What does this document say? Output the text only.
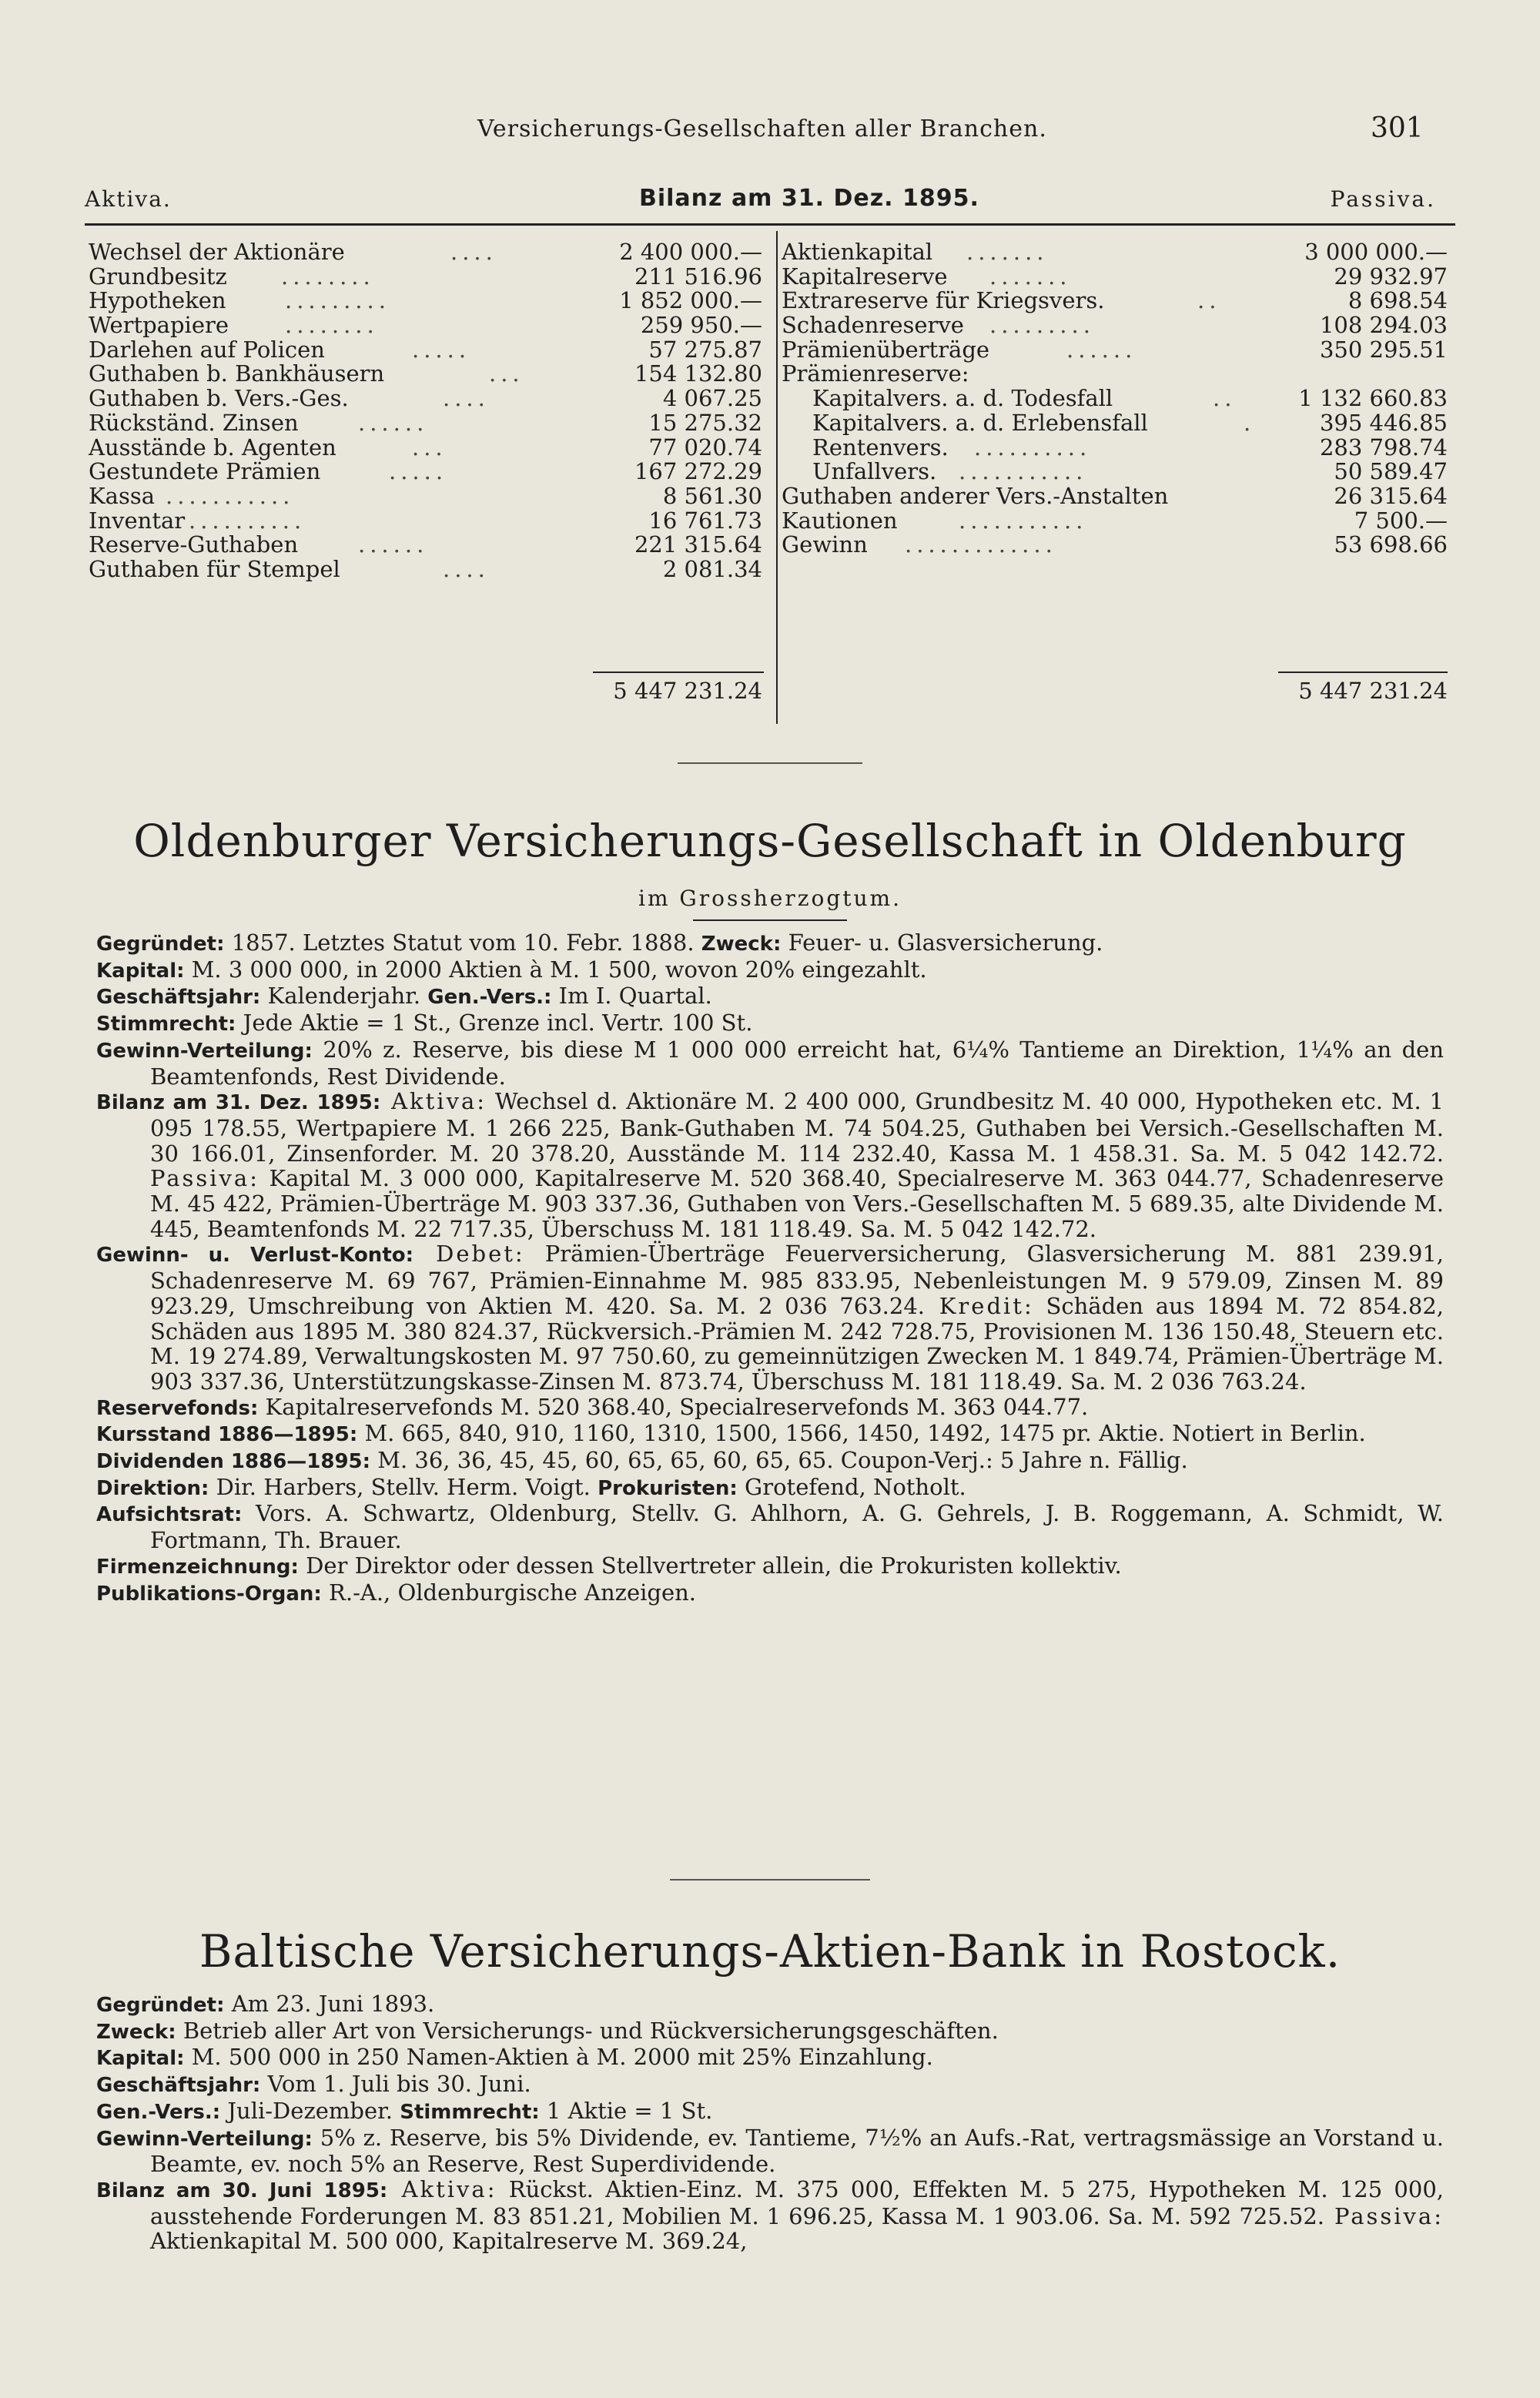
Versicherungs-Gesellschaften aller Branchen.	301
Aktiva.	Bilanz am 31. Dez. 1895.	Passiva.
Wechsel der Aktionäre	....	2 400 000.—
Grundbesitz ........	211 516.96
Hypotheken	.........	1 852 000.—
Wertpapiere	........	259 950.—
Darlehen auf Policen	.....	57 275.87
Guthaben b. Bankhäusern	...	154 132.80
Guthaben b. Vers.-Ges.	....	4 067.25
Rückständ. Zinsen	......	15 275.32
Ausstände b. Agenten	...	77 020.74
Gestundete Prämien	.....	167 272.29
Kassa ...........	8 561.30
Inventar ..........	16 761.73
Reserve-Guthaben	......	221 315.64
Guthaben für Stempel	....	2 081.34
5 447 231.24
Aktienkapital .......	3 000 000.—
Kapitalreserve .......	29 932.97
Extrareserve für Kriegsvers.	..	8 698.54
Schadenreserve .........	108 294.03
Prämienüberträge	......	350 295.51
Prämienreserve:
Kapitalvers. a. d. Todesfall	..	1 132 660.83
Kapitalvers. a. d. Erlebensfall	.	395 446.85
Rentenvers. ..........	283 798.74
Unfallvers. ...........	50 589.47
Guthaben anderer Vers.-Anstalten	26 315.64
Kautionen	...........	7 500.—
Gewinn .............	53 698.66
5 447 231.24
Oldenburger Versicherungs-Gesellschaft in Oldenburg
im Grossherzogtum.

Gegründet: 1857. Letztes Statut vom 10. Febr. 1888. Zweck: Feuer- u. Glasversicherung.

Kapital: M. 3 000 000, in 2000 Aktien à M. 1 500, wovon 20% eingezahlt.

Geschäftsjahr: Kalenderjahr. Gen.-Vers.: Im I. Quartal.

Stimmrecht: Jede Aktie = 1 St., Grenze incl. Vertr. 100 St.

Gewinn-Verteilung: 20% z. Reserve, bis diese M 1 000 000 erreicht hat, 6¼% Tantieme an Direktion, 1¼% an den Beamtenfonds, Rest Dividende.

Bilanz am 31. Dez. 1895: Aktiva: Wechsel d. Aktionäre M. 2 400 000, Grundbesitz M. 40 000, Hypotheken etc. M. 1 095 178.55, Wertpapiere M. 1 266 225, Bank-Guthaben M. 74 504.25, Guthaben bei Versich.-Gesellschaften M. 30 166.01, Zinsenforder. M. 20 378.20, Ausstände M. 114 232.40, Kassa M. 1 458.31. Sa. M. 5 042 142.72. Passiva: Kapital M. 3 000 000, Kapitalreserve M. 520 368.40, Specialreserve M. 363 044.77, Schadenreserve M. 45 422, Prämien-Überträge M. 903 337.36, Guthaben von Vers.-Gesellschaften M. 5 689.35, alte Dividende M. 445, Beamtenfonds M. 22 717.35, Überschuss M. 181 118.49. Sa. M. 5 042 142.72.

Gewinn- u. Verlust-Konto: Debet: Prämien-Überträge Feuerversicherung, Glasversicherung M. 881 239.91, Schadenreserve M. 69 767, Prämien-Einnahme M. 985 833.95, Nebenleistungen M. 9 579.09, Zinsen M. 89 923.29, Umschreibung von Aktien M. 420. Sa. M. 2 036 763.24. Kredit: Schäden aus 1894 M. 72 854.82, Schäden aus 1895 M. 380 824.37, Rückversich.-Prämien M. 242 728.75, Provisionen M. 136 150.48, Steuern etc. M. 19 274.89, Verwaltungskosten M. 97 750.60, zu gemeinnützigen Zwecken M. 1 849.74, Prämien-Überträge M. 903 337.36, Unterstützungskasse-Zinsen M. 873.74, Überschuss M. 181 118.49. Sa. M. 2 036 763.24.

Reservefonds: Kapitalreservefonds M. 520 368.40, Specialreservefonds M. 363 044.77.

Kursstand 1886—1895: M. 665, 840, 910, 1160, 1310, 1500, 1566, 1450, 1492, 1475 pr. Aktie. Notiert in Berlin.

Dividenden 1886—1895: M. 36, 36, 45, 45, 60, 65, 65, 60, 65, 65. Coupon-Verj.: 5 Jahre n. Fällig.

Direktion: Dir. Harbers, Stellv. Herm. Voigt. Prokuristen: Grotefend, Notholt.

Aufsichtsrat: Vors. A. Schwartz, Oldenburg, Stellv. G. Ahlhorn, A. G. Gehrels, J. B. Roggemann, A. Schmidt, W. Fortmann, Th. Brauer.

Firmenzeichnung: Der Direktor oder dessen Stellvertreter allein, die Prokuristen kollektiv.

Publikations-Organ: R.-A., Oldenburgische Anzeigen.

Baltische Versicherungs-Aktien-Bank in Rostock.

Gegründet: Am 23. Juni 1893.

Zweck: Betrieb aller Art von Versicherungs- und Rückversicherungsgeschäften.

Kapital: M. 500 000 in 250 Namen-Aktien à M. 2000 mit 25% Einzahlung.

Geschäftsjahr: Vom 1. Juli bis 30. Juni.

Gen.-Vers.: Juli-Dezember. Stimmrecht: 1 Aktie = 1 St.

Gewinn-Verteilung: 5% z. Reserve, bis 5% Dividende, ev. Tantieme, 7½% an Aufs.-Rat, vertragsmässige an Vorstand u. Beamte, ev. noch 5% an Reserve, Rest Superdividende.

Bilanz am 30. Juni 1895: Aktiva: Rückst. Aktien-Einz. M. 375 000, Effekten M. 5 275, Hypotheken M. 125 000, ausstehende Forderungen M. 83 851.21, Mobilien M. 1 696.25, Kassa M. 1 903.06. Sa. M. 592 725.52. Passiva: Aktienkapital M. 500 000, Kapitalreserve M. 369.24,
